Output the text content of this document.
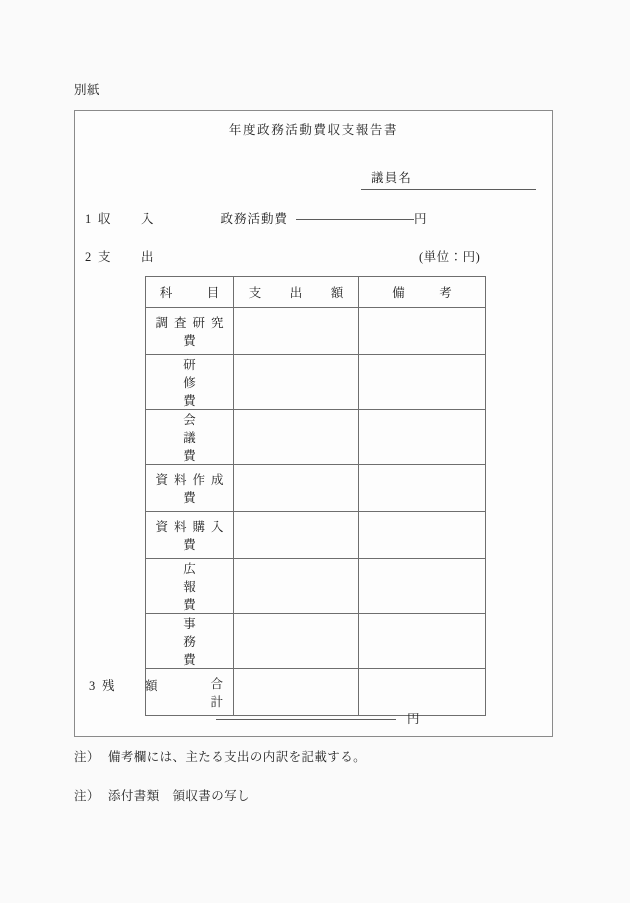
別紙
年度政務活動費収支報告書
議員名
1 収　入	政務活動費	円
2 支　出	(単位：円)
科　目	支　出　額	備　考
調査研究費		
研　修　費		
会　議　費		
資料作成費		
資料購入費		
広　報　費		
事　務　費		
合　　計		
3 残　額
円
注） 備考欄には、主たる支出の内訳を記載する。
注） 添付書類　領収書の写し
